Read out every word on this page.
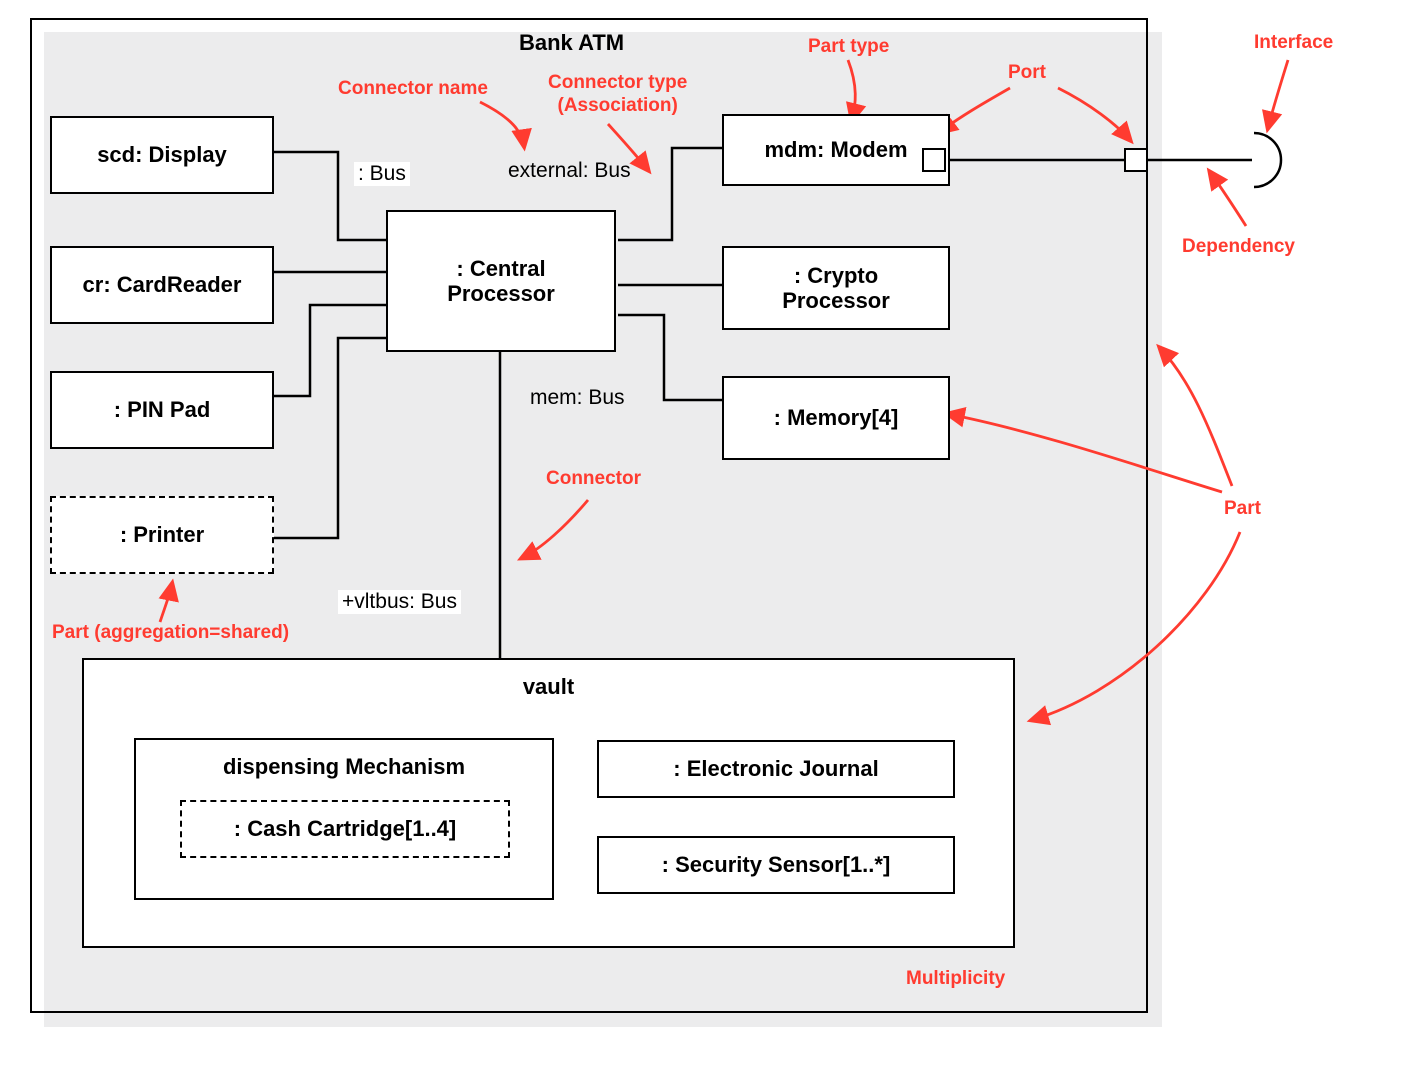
Bank ATM
scd: Display
cr: CardReader
: PIN Pad
: Printer
: Central
Processor
mdm: Modem
: Crypto
Processor
: Memory[4]
vault
dispensing Mechanism
: Cash Cartridge[1..4]
: Electronic Journal
: Security Sensor[1..*]
: Bus	external: Bus
mem: Bus
+vltbus: Bus
Connector name	Connector type
(Association)
Part type
Port
Interface
Dependency
Connector
Part (aggregation=shared)
Part
Multiplicity
